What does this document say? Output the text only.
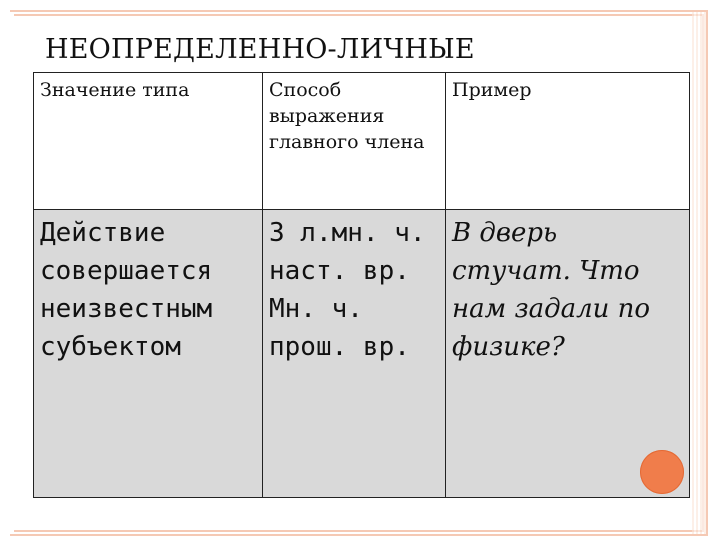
НЕОПРЕДЕЛЕННО-ЛИЧНЫЕ
Значение типа	Способ выражения главного члена	Пример
Действие совершается неизвестным субъектом	3 л.мн. ч. наст. вр. Мн. ч. прош. вр.	В дверь стучат. Что нам задали по физике?
